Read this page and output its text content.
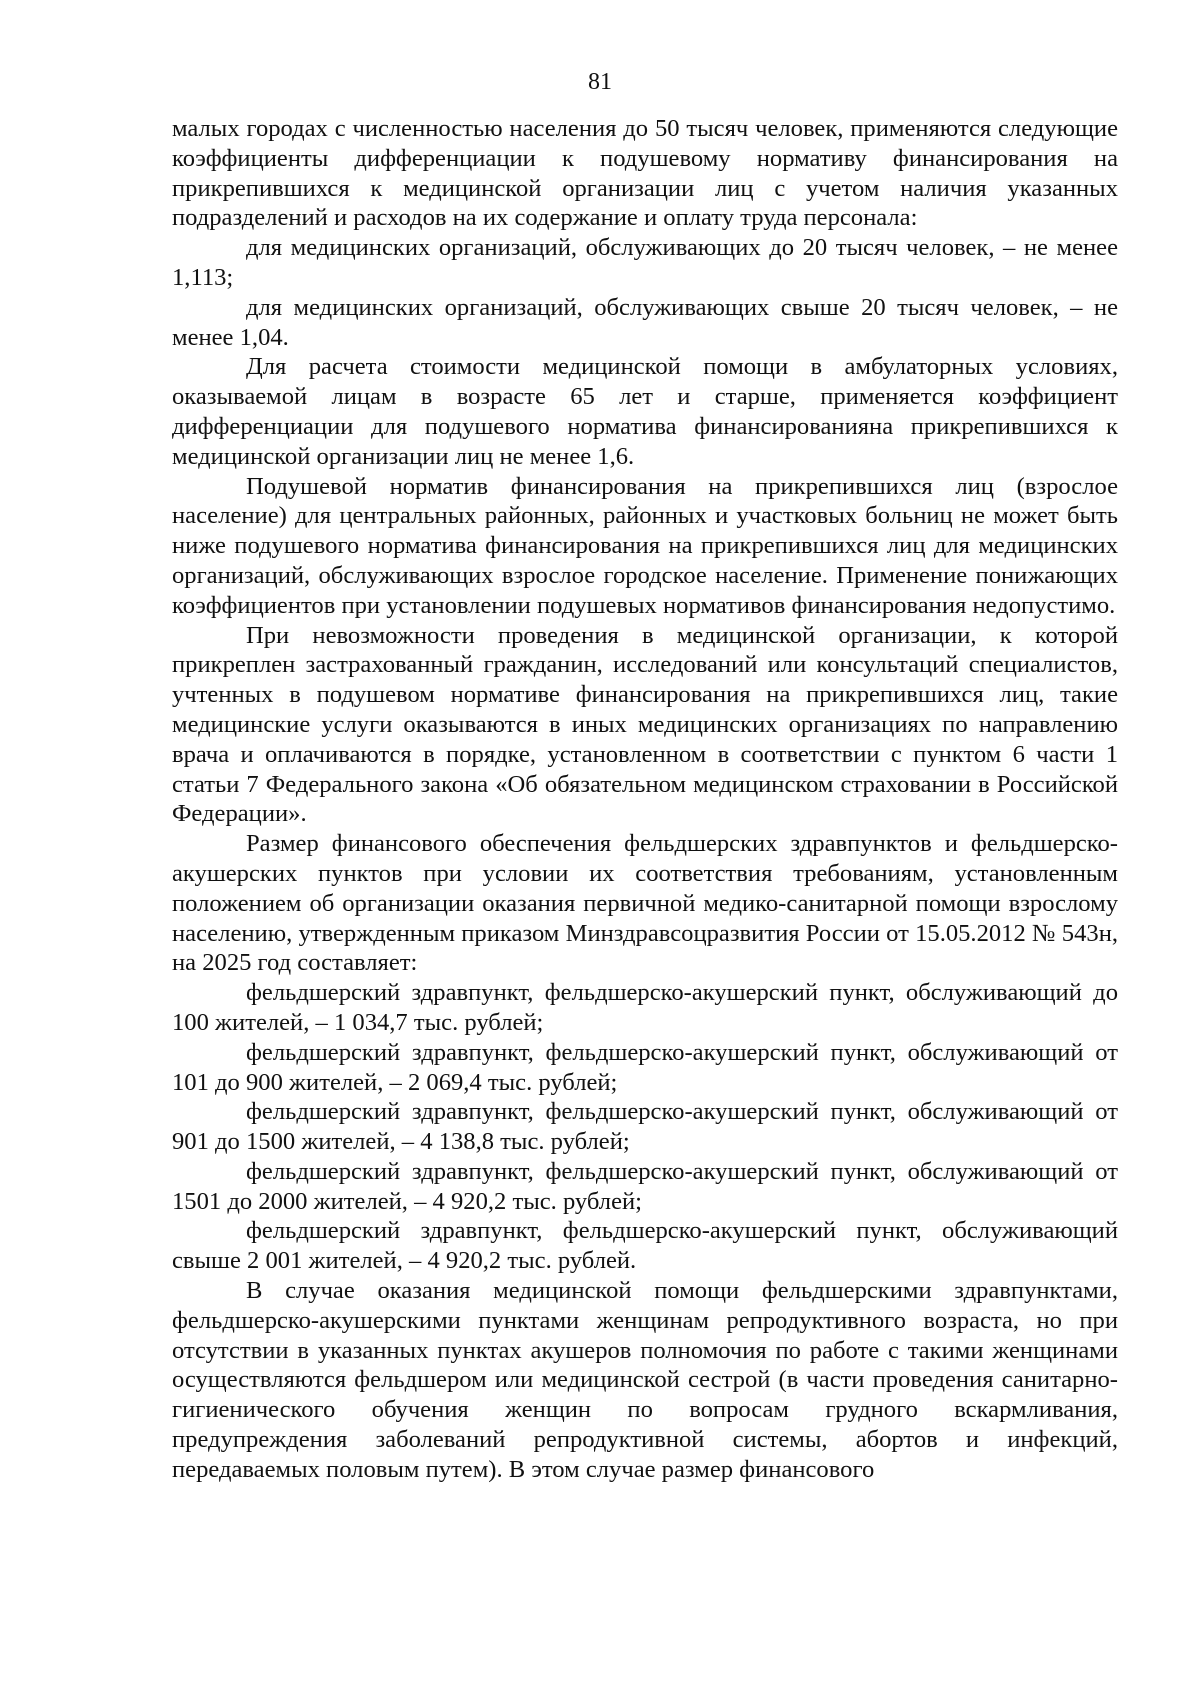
81

малых городах с численностью населения до 50 тысяч человек, применяются следующие коэффициенты дифференциации к подушевому нормативу финансирования на прикрепившихся к медицинской организации лиц с учетом наличия указанных подразделений и расходов на их содержание и оплату труда персонала:

для медицинских организаций, обслуживающих до 20 тысяч человек, – не менее 1,113;

для медицинских организаций, обслуживающих свыше 20 тысяч человек, – не менее 1,04.

Для расчета стоимости медицинской помощи в амбулаторных условиях, оказываемой лицам в возрасте 65 лет и старше, применяется коэффициент дифференциации для подушевого норматива финансированияна прикрепившихся к медицинской организации лиц не менее 1,6.

Подушевой норматив финансирования на прикрепившихся лиц (взрослое население) для центральных районных, районных и участковых больниц не может быть ниже подушевого норматива финансирования на прикрепившихся лиц для медицинских организаций, обслуживающих взрослое городское население. Применение понижающих коэффициентов при установлении подушевых нормативов финансирования недопустимо.

При невозможности проведения в медицинской организации, к которой прикреплен застрахованный гражданин, исследований или консультаций специалистов, учтенных в подушевом нормативе финансирования на прикрепившихся лиц, такие медицинские услуги оказываются в иных медицинских организациях по направлению врача и оплачиваются в порядке, установленном в соответствии с пунктом 6 части 1 статьи 7 Федерального закона «Об обязательном медицинском страховании в Российской Федерации».

Размер финансового обеспечения фельдшерских здравпунктов и фельдшерско-акушерских пунктов при условии их соответствия требованиям, установленным положением об организации оказания первичной медико-санитарной помощи взрослому населению, утвержденным приказом Минздравсоцразвития России от 15.05.2012 № 543н, на 2025 год составляет:

фельдшерский здравпункт, фельдшерско-акушерский пункт, обслуживающий до 100 жителей, – 1 034,7 тыс. рублей;

фельдшерский здравпункт, фельдшерско-акушерский пункт, обслуживающий от 101 до 900 жителей, – 2 069,4 тыс. рублей;

фельдшерский здравпункт, фельдшерско-акушерский пункт, обслуживающий от 901 до 1500 жителей, – 4 138,8 тыс. рублей;

фельдшерский здравпункт, фельдшерско-акушерский пункт, обслуживающий от 1501 до 2000 жителей, – 4 920,2 тыс. рублей;

фельдшерский здравпункт, фельдшерско-акушерский пункт, обслуживающий свыше 2 001 жителей, – 4 920,2 тыс. рублей.

В случае оказания медицинской помощи фельдшерскими здравпунктами, фельдшерско-акушерскими пунктами женщинам репродуктивного возраста, но при отсутствии в указанных пунктах акушеров полномочия по работе с такими женщинами осуществляются фельдшером или медицинской сестрой (в части проведения санитарно-гигиенического обучения женщин по вопросам грудного вскармливания, предупреждения заболеваний репродуктивной системы, абортов и инфекций, передаваемых половым путем). В этом случае размер финансового
